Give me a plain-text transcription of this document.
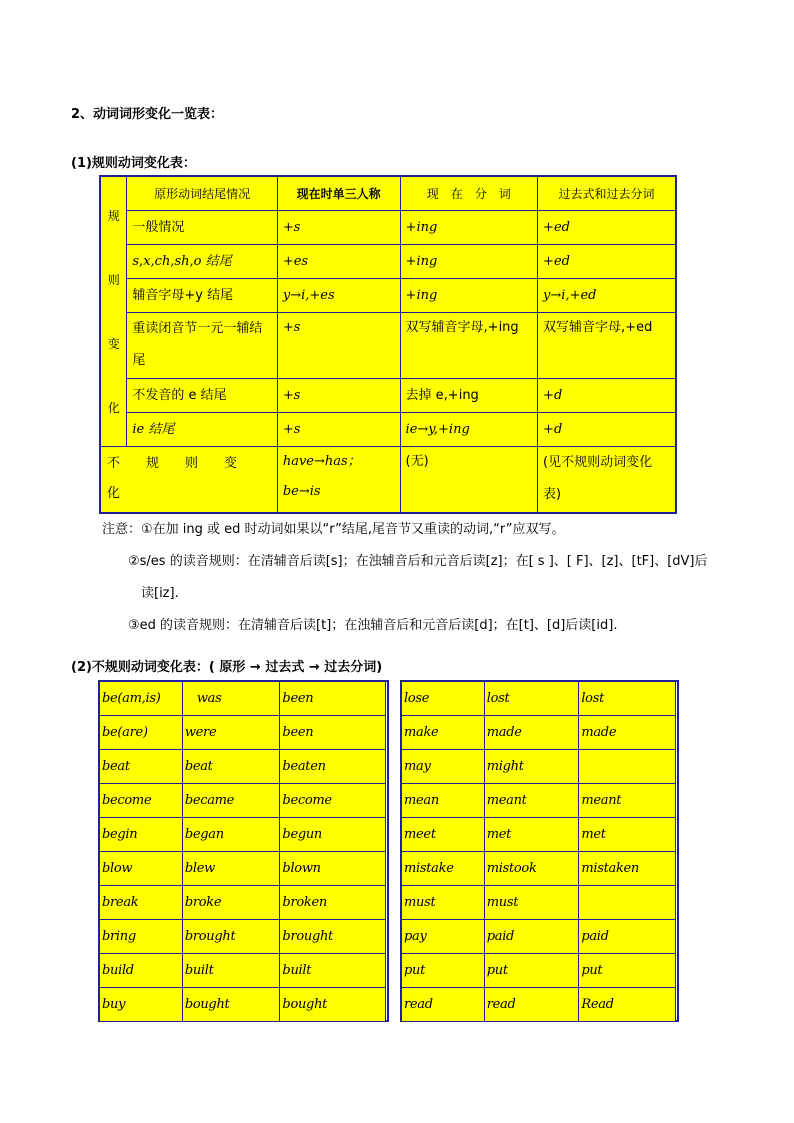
2、动词词形变化一览表：
(1)规则动词变化表：
规
则
变
化	原形动词结尾情况	现在时单三人称	现　在　分　词	过去式和过去分词
	一般情况	+s	+ing	+ed
	s,x,ch,sh,o 结尾	+es	+ing	+ed
	辅音字母+y 结尾	y→i,+es	+ing	y→i,+ed
	重读闭音节一元一辅结尾	+s	双写辅音字母,+ing	双写辅音字母,+ed
	不发音的 e 结尾	+s	去掉 e,+ing	+d
	ie 结尾	+s	ie→y,+ing	+d
不　　规　　则　　变　　化		have→has；be→is	(无)	(见不规则动词变化表)
注意：①在加 ing 或 ed 时动词如果以“r”结尾,尾音节又重读的动词,“r”应双写。
②s/es 的读音规则：在清辅音后读[s]；在浊辅音后和元音后读[z]；在[ s ]、[ F]、[z]、[tF]、[dV]后
读[iz].
③ed 的读音规则：在清辅音后读[t]；在浊辅音后和元音后读[d]；在[t]、[d]后读[id].
(2)不规则动词变化表：( 原形 → 过去式 → 过去分词)
be(am,is)	was	been
be(are)	were	been
beat	beat	beaten
become	became	become
begin	began	begun
blow	blew	blown
break	broke	broken
bring	brought	brought
build	built	built
buy	bought	bought
lose	lost	lost
make	made	made
may	might	
mean	meant	meant
meet	met	met
mistake	mistook	mistaken
must	must	
pay	paid	paid
put	put	put
read	read	Read
